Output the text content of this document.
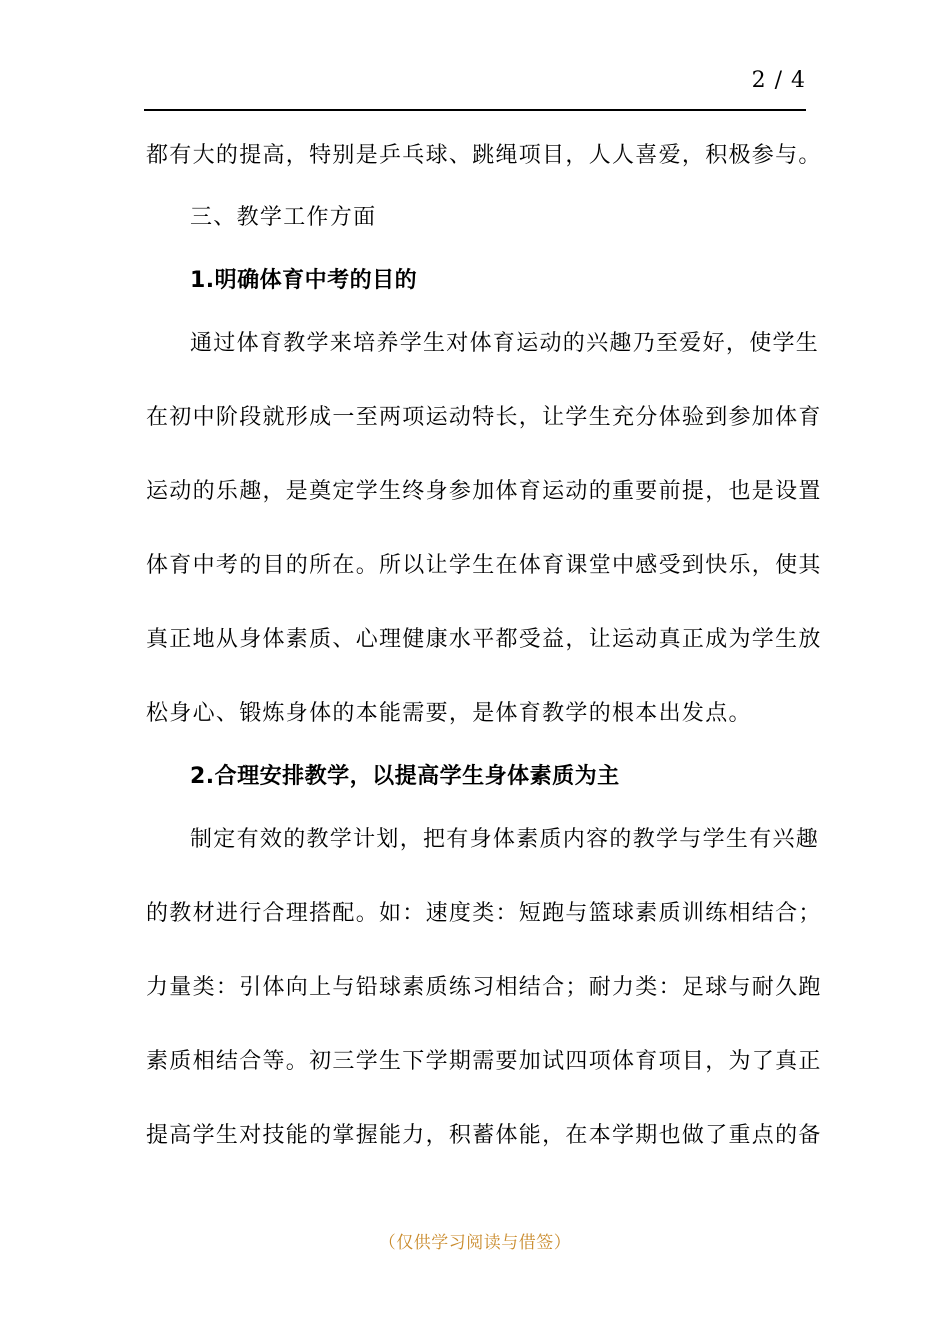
2 / 4
都有大的提高，特别是乒乓球、跳绳项目，人人喜爱，积极参与。
三、教学工作方面
1.明确体育中考的目的
通过体育教学来培养学生对体育运动的兴趣乃至爱好，使学生
在初中阶段就形成一至两项运动特长，让学生充分体验到参加体育
运动的乐趣，是奠定学生终身参加体育运动的重要前提，也是设置
体育中考的目的所在。所以让学生在体育课堂中感受到快乐，使其
真正地从身体素质、心理健康水平都受益，让运动真正成为学生放
松身心、锻炼身体的本能需要，是体育教学的根本出发点。
2.合理安排教学，以提高学生身体素质为主
制定有效的教学计划，把有身体素质内容的教学与学生有兴趣
的教材进行合理搭配。如：速度类：短跑与篮球素质训练相结合；
力量类：引体向上与铅球素质练习相结合；耐力类：足球与耐久跑
素质相结合等。初三学生下学期需要加试四项体育项目，为了真正
提高学生对技能的掌握能力，积蓄体能，在本学期也做了重点的备
（仅供学习阅读与借签）
